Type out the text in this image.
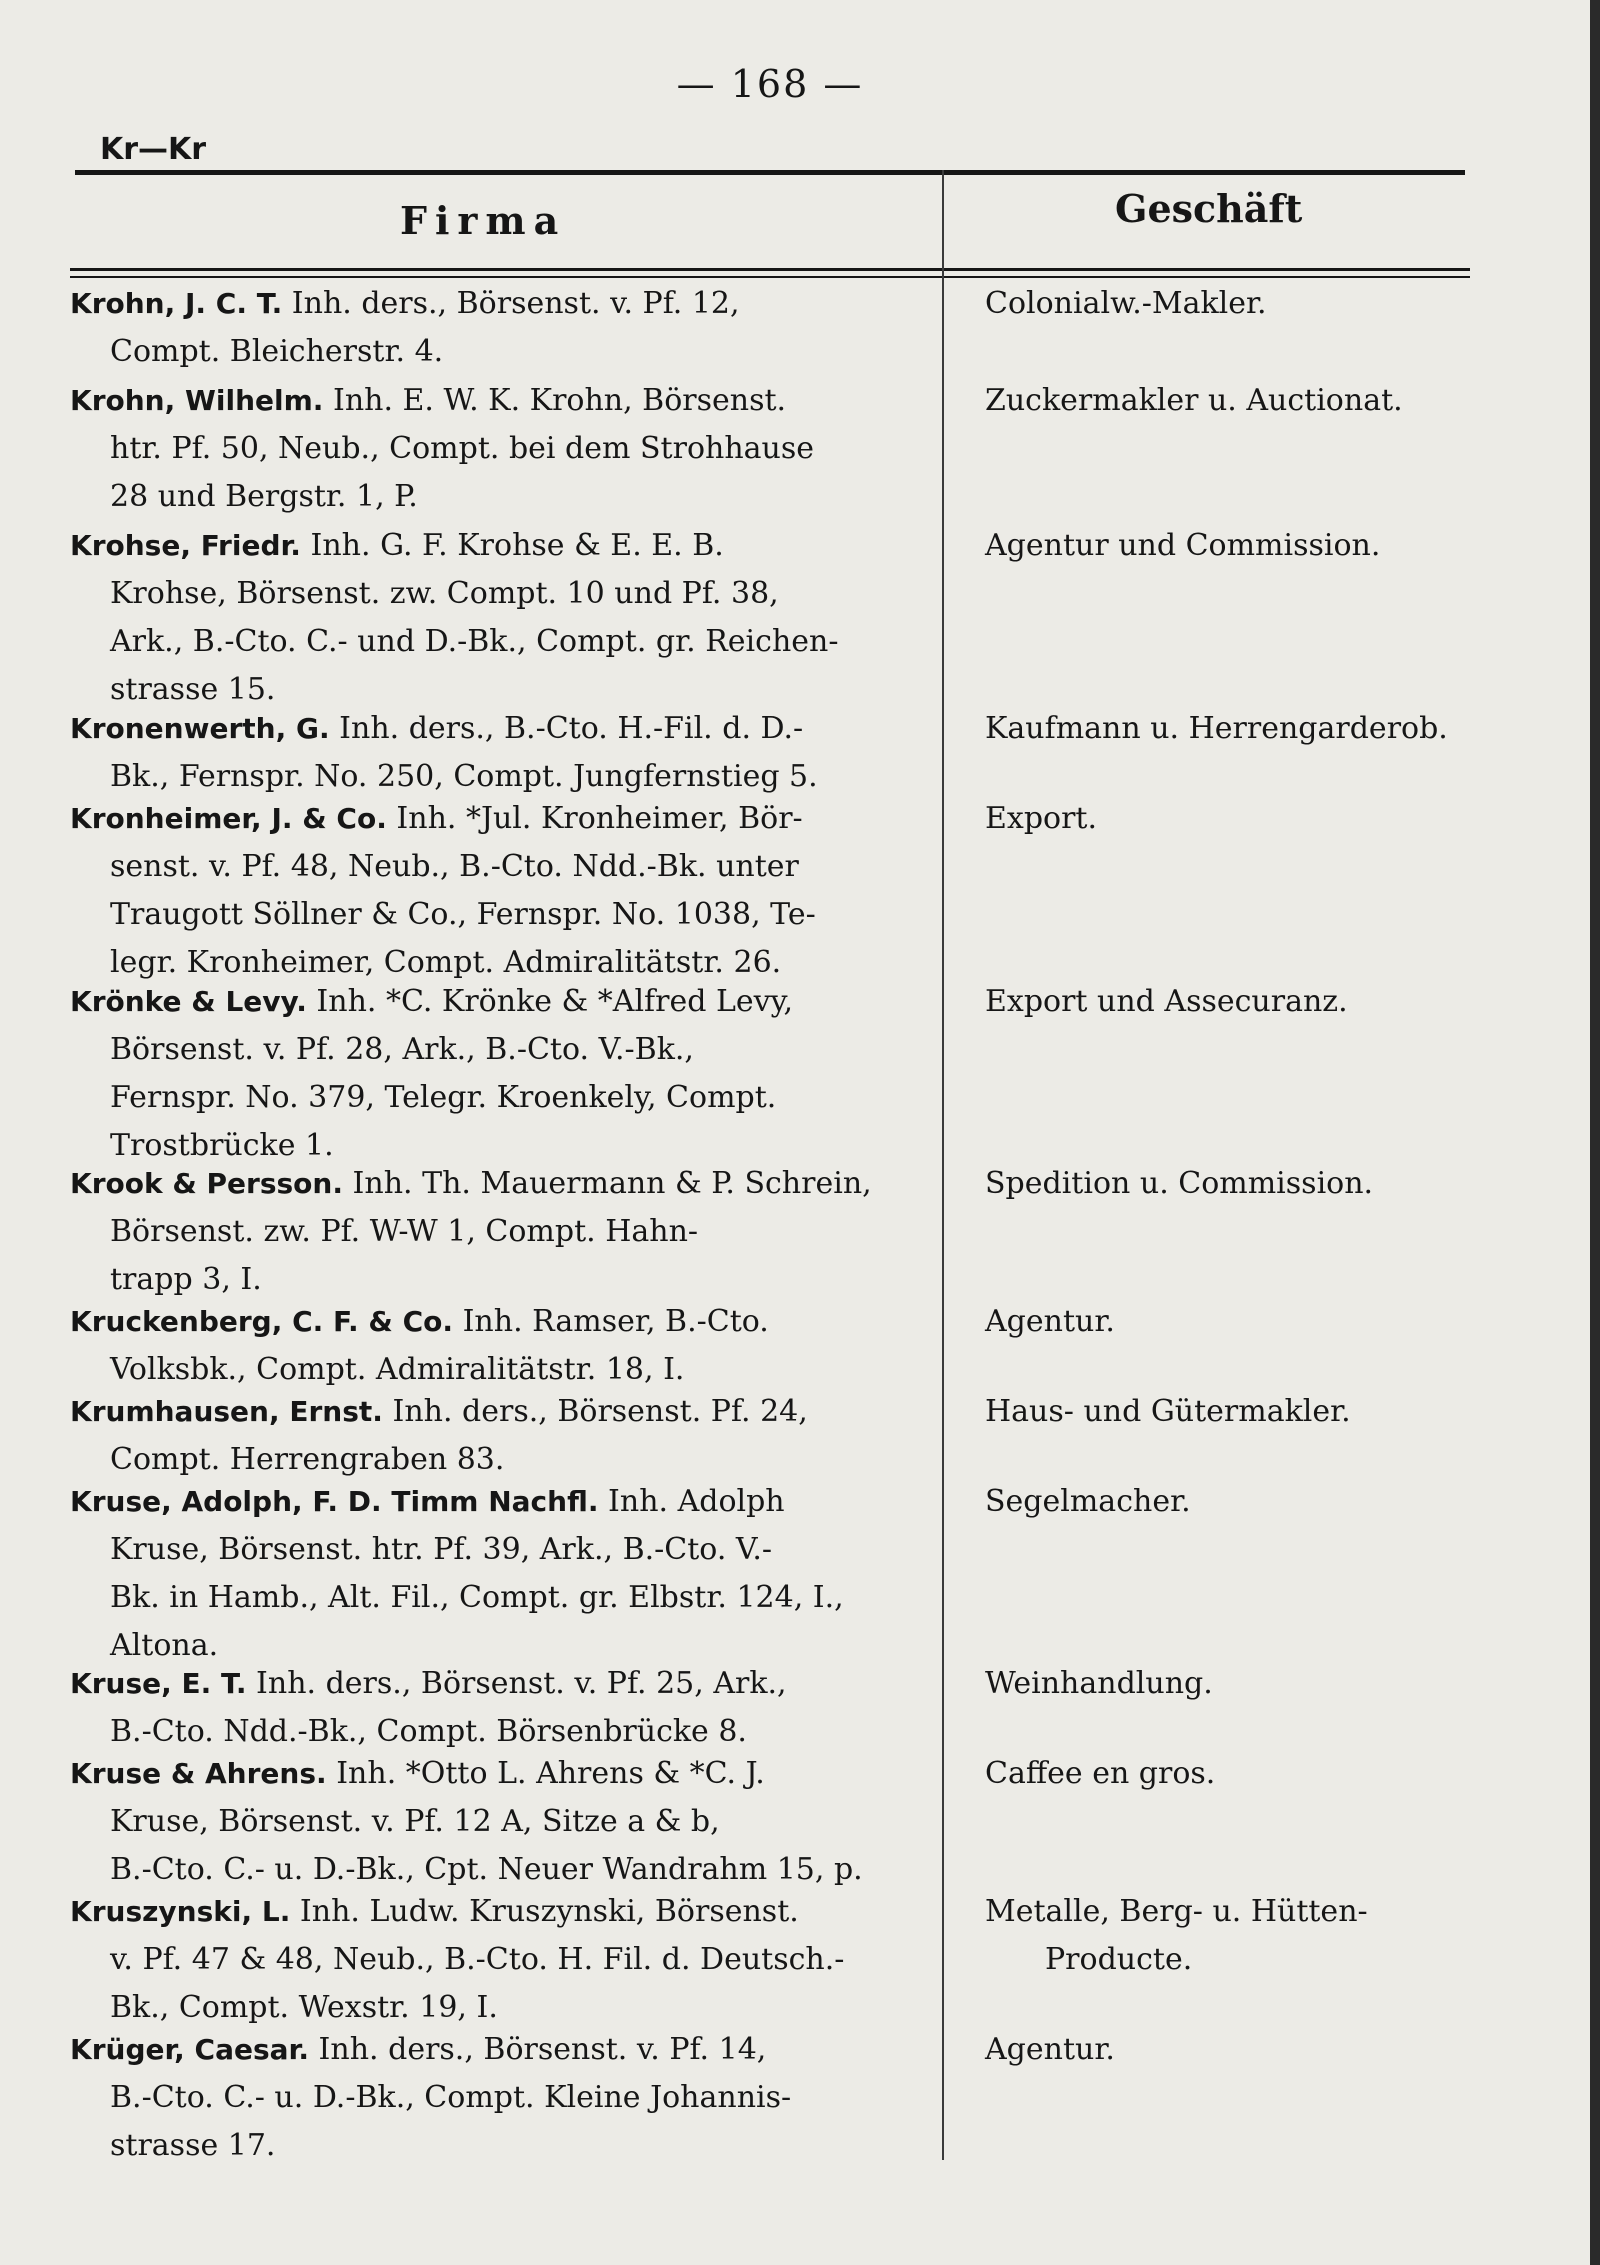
— 168 —
Kr—Kr
Firma	Geschäft
Krohn, J. C. T. Inh. ders., Börsenst. v. Pf. 12,
Compt. Bleicherstr. 4.
Colonialw.-Makler.
Krohn, Wilhelm. Inh. E. W. K. Krohn, Börsenst.
htr. Pf. 50, Neub., Compt. bei dem Strohhause
28 und Bergstr. 1, P.
Zuckermakler u. Auctionat.
Krohse, Friedr. Inh. G. F. Krohse & E. E. B.
Krohse, Börsenst. zw. Compt. 10 und Pf. 38,
Ark., B.-Cto. C.- und D.-Bk., Compt. gr. Reichen-
strasse 15.
Agentur und Commission.
Kronenwerth, G. Inh. ders., B.-Cto. H.-Fil. d. D.-
Bk., Fernspr. No. 250, Compt. Jungfernstieg 5.
Kaufmann u. Herrengarderob.
Kronheimer, J. & Co. Inh. *Jul. Kronheimer, Bör-
senst. v. Pf. 48, Neub., B.-Cto. Ndd.-Bk. unter
Traugott Söllner & Co., Fernspr. No. 1038, Te-
legr. Kronheimer, Compt. Admiralitätstr. 26.
Export.
Krönke & Levy. Inh. *C. Krönke & *Alfred Levy,
Börsenst. v. Pf. 28, Ark., B.-Cto. V.-Bk.,
Fernspr. No. 379, Telegr. Kroenkely, Compt.
Trostbrücke 1.
Export und Assecuranz.
Krook & Persson. Inh. Th. Mauermann & P. Schrein,
Börsenst. zw. Pf. W-W 1, Compt. Hahn-
trapp 3, I.
Spedition u. Commission.
Kruckenberg, C. F. & Co. Inh. Ramser, B.-Cto.
Volksbk., Compt. Admiralitätstr. 18, I.
Agentur.
Krumhausen, Ernst. Inh. ders., Börsenst. Pf. 24,
Compt. Herrengraben 83.
Haus- und Gütermakler.
Kruse, Adolph, F. D. Timm Nachfl. Inh. Adolph
Kruse, Börsenst. htr. Pf. 39, Ark., B.-Cto. V.-
Bk. in Hamb., Alt. Fil., Compt. gr. Elbstr. 124, I.,
Altona.
Segelmacher.
Kruse, E. T. Inh. ders., Börsenst. v. Pf. 25, Ark.,
B.-Cto. Ndd.-Bk., Compt. Börsenbrücke 8.
Weinhandlung.
Kruse & Ahrens. Inh. *Otto L. Ahrens & *C. J.
Kruse, Börsenst. v. Pf. 12 A, Sitze a & b,
B.-Cto. C.- u. D.-Bk., Cpt. Neuer Wandrahm 15, p.
Caffee en gros.
Kruszynski, L. Inh. Ludw. Kruszynski, Börsenst.
v. Pf. 47 & 48, Neub., B.-Cto. H. Fil. d. Deutsch.-
Bk., Compt. Wexstr. 19, I.
Metalle, Berg- u. Hütten-
Producte.
Krüger, Caesar. Inh. ders., Börsenst. v. Pf. 14,
B.-Cto. C.- u. D.-Bk., Compt. Kleine Johannis-
strasse 17.
Agentur.
